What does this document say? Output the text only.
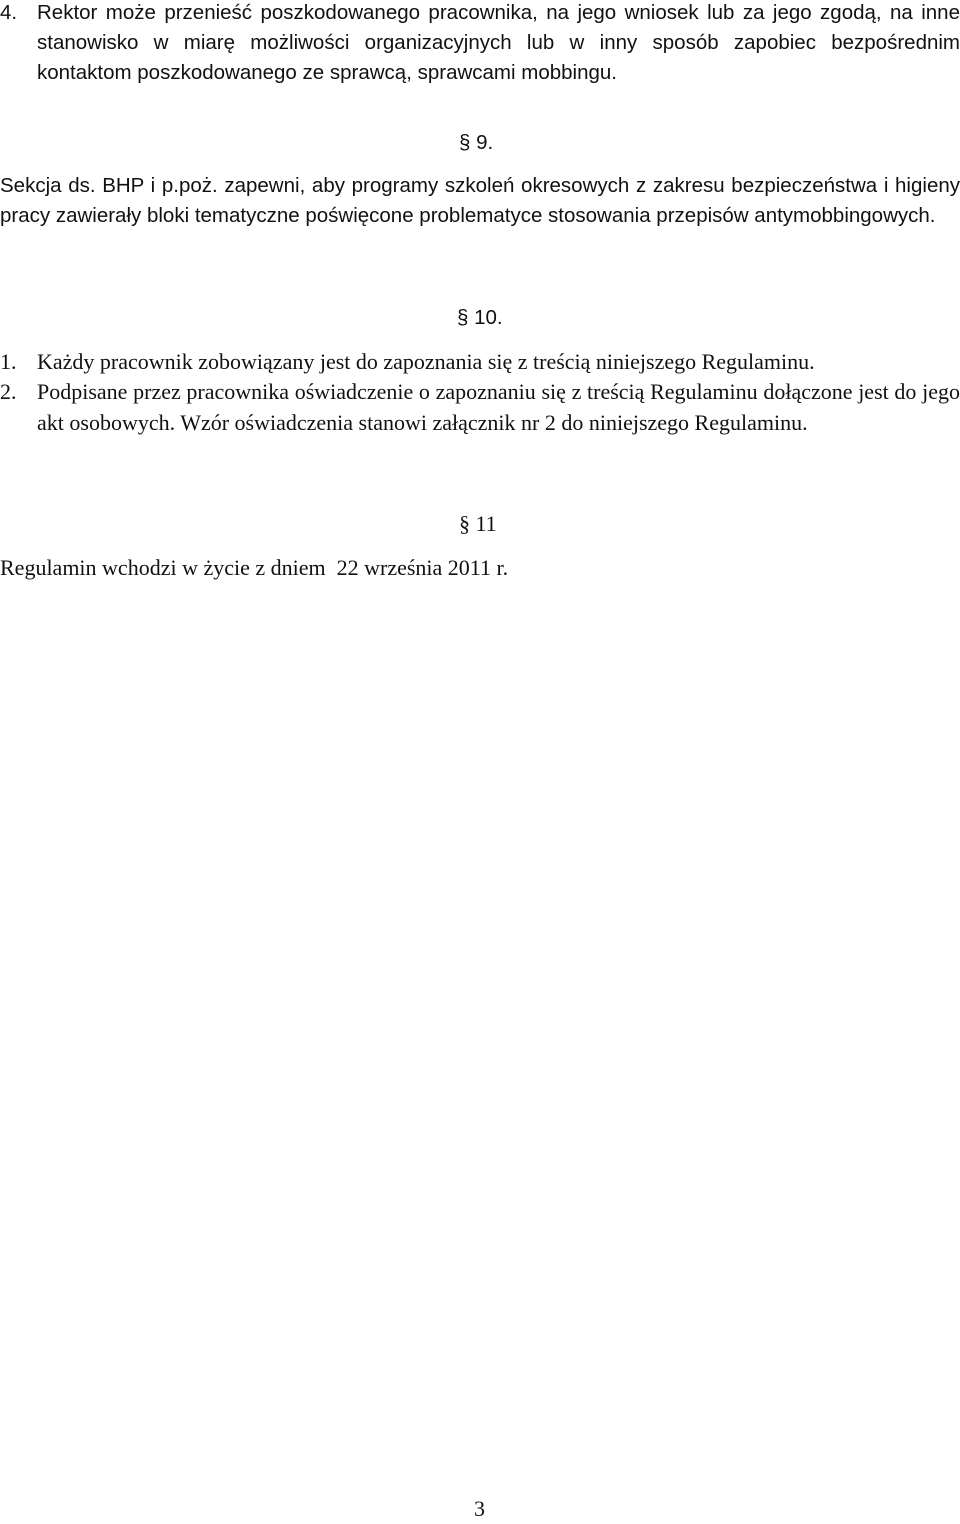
4. Rektor może przenieść poszkodowanego pracownika, na jego wniosek lub za jego zgodą, na inne stanowisko w miarę możliwości organizacyjnych lub w inny sposób zapobiec bezpośrednim kontaktom poszkodowanego ze sprawcą, sprawcami mobbingu.
§ 9.

Sekcja ds. BHP i p.poż. zapewni, aby programy szkoleń okresowych z zakresu bezpieczeństwa i higieny pracy zawierały bloki tematyczne poświęcone problematyce stosowania przepisów antymobbingowych.

§ 10.
1. Każdy pracownik zobowiązany jest do zapoznania się z treścią niniejszego Regulaminu.
2. Podpisane przez pracownika oświadczenie o zapoznaniu się z treścią Regulaminu dołączone jest do jego akt osobowych. Wzór oświadczenia stanowi załącznik nr 2 do niniejszego Regulaminu.
§ 11

Regulamin wchodzi w życie z dniem  22 września 2011 r.

3
